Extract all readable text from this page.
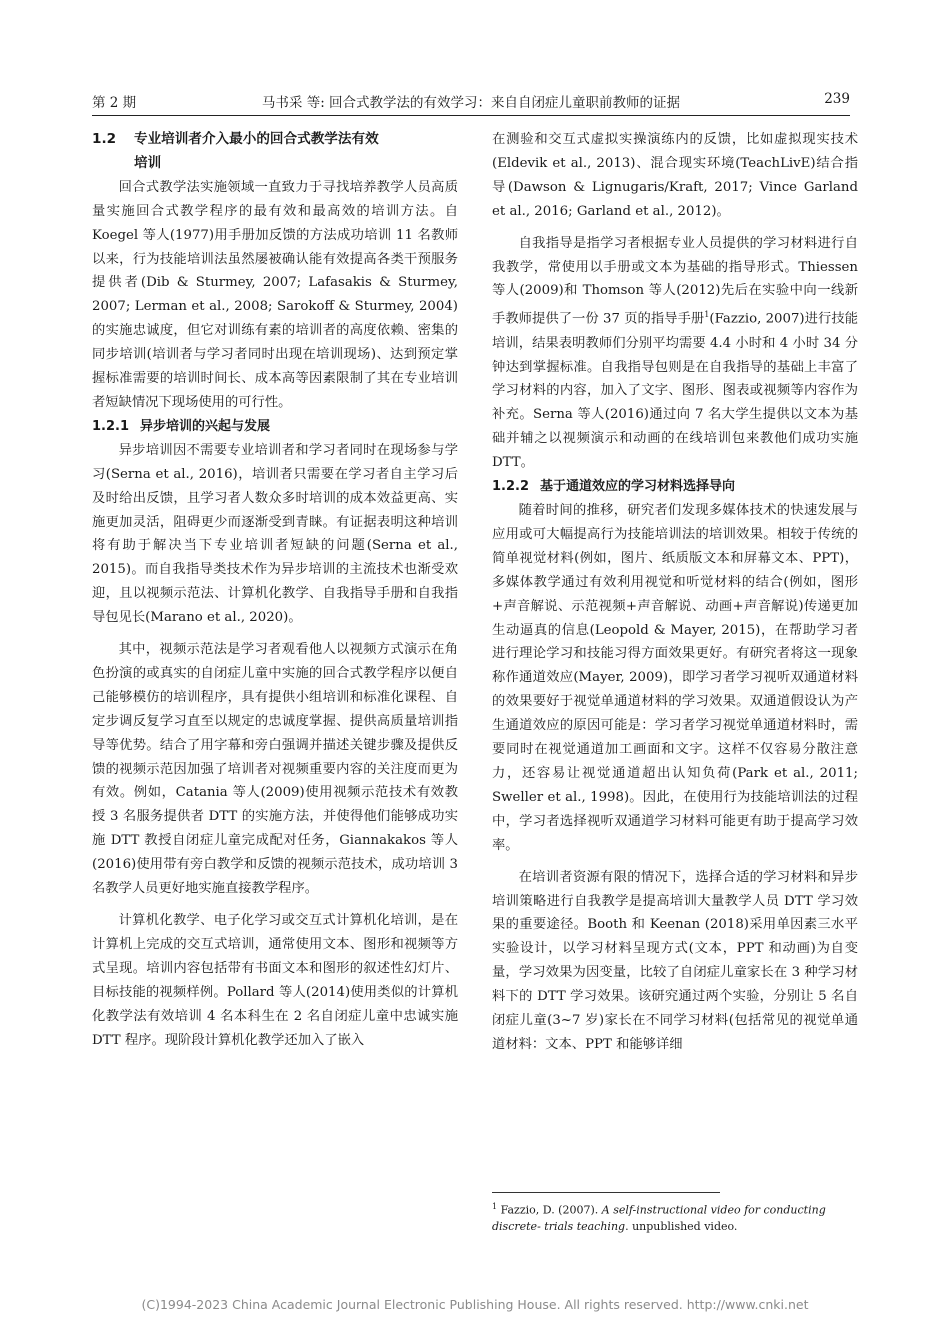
第 2 期	马书采 等: 回合式教学法的有效学习：来自自闭症儿童职前教师的证据	239
1.2 专业培训者介入最小的回合式教学法有效
培训

回合式教学法实施领域一直致力于寻找培养教学人员高质量实施回合式教学程序的最有效和最高效的培训方法。自 Koegel 等人(1977)用手册加反馈的方法成功培训 11 名教师以来，行为技能培训法虽然屡被确认能有效提高各类干预服务提供者(Dib & Sturmey, 2007; Lafasakis & Sturmey, 2007; Lerman et al., 2008; Sarokoff & Sturmey, 2004)的实施忠诚度，但它对训练有素的培训者的高度依赖、密集的同步培训(培训者与学习者同时出现在培训现场)、达到预定掌握标准需要的培训时间长、成本高等因素限制了其在专业培训者短缺情况下现场使用的可行性。

1.2.1 异步培训的兴起与发展

异步培训因不需要专业培训者和学习者同时在现场参与学习(Serna et al., 2016)，培训者只需要在学习者自主学习后及时给出反馈，且学习者人数众多时培训的成本效益更高、实施更加灵活，阻碍更少而逐渐受到青睐。有证据表明这种培训将有助于解决当下专业培训者短缺的问题(Serna et al., 2015)。而自我指导类技术作为异步培训的主流技术也渐受欢迎，且以视频示范法、计算机化教学、自我指导手册和自我指导包见长(Marano et al., 2020)。

其中，视频示范法是学习者观看他人以视频方式演示在角色扮演的或真实的自闭症儿童中实施的回合式教学程序以便自己能够模仿的培训程序，具有提供小组培训和标准化课程、自定步调反复学习直至以规定的忠诚度掌握、提供高质量培训指导等优势。结合了用字幕和旁白强调并描述关键步骤及提供反馈的视频示范因加强了培训者对视频重要内容的关注度而更为有效。例如，Catania 等人(2009)使用视频示范技术有效教授 3 名服务提供者 DTT 的实施方法，并使得他们能够成功实施 DTT 教授自闭症儿童完成配对任务，Giannakakos 等人(2016)使用带有旁白教学和反馈的视频示范技术，成功培训 3 名教学人员更好地实施直接教学程序。

计算机化教学、电子化学习或交互式计算机化培训，是在计算机上完成的交互式培训，通常使用文本、图形和视频等方式呈现。培训内容包括带有书面文本和图形的叙述性幻灯片、目标技能的视频样例。Pollard 等人(2014)使用类似的计算机化教学法有效培训 4 名本科生在 2 名自闭症儿童中忠诚实施 DTT 程序。现阶段计算机化教学还加入了嵌入

在测验和交互式虚拟实操演练内的反馈，比如虚拟现实技术(Eldevik et al., 2013)、混合现实环境(TeachLivE)结合指导(Dawson & Lignugaris/Kraft, 2017; Vince Garland et al., 2016; Garland et al., 2012)。

自我指导是指学习者根据专业人员提供的学习材料进行自我教学，常使用以手册或文本为基础的指导形式。Thiessen 等人(2009)和 Thomson 等人(2012)先后在实验中向一线新手教师提供了一份 37 页的指导手册$^1$(Fazzio, 2007)进行技能培训，结果表明教师们分别平均需要 4.4 小时和 4 小时 34 分钟达到掌握标准。自我指导包则是在自我指导的基础上丰富了学习材料的内容，加入了文字、图形、图表或视频等内容作为补充。Serna 等人(2016)通过向 7 名大学生提供以文本为基础并辅之以视频演示和动画的在线培训包来教他们成功实施 DTT。

1.2.2 基于通道效应的学习材料选择导向

随着时间的推移，研究者们发现多媒体技术的快速发展与应用或可大幅提高行为技能培训法的培训效果。相较于传统的简单视觉材料(例如，图片、纸质版文本和屏幕文本、PPT)，多媒体教学通过有效利用视觉和听觉材料的结合(例如，图形+声音解说、示范视频+声音解说、动画+声音解说)传递更加生动逼真的信息(Leopold & Mayer, 2015)，在帮助学习者进行理论学习和技能习得方面效果更好。有研究者将这一现象称作通道效应(Mayer, 2009)，即学习者学习视听双通道材料的效果要好于视觉单通道材料的学习效果。双通道假设认为产生通道效应的原因可能是：学习者学习视觉单通道材料时，需要同时在视觉通道加工画面和文字。这样不仅容易分散注意力，还容易让视觉通道超出认知负荷(Park et al., 2011; Sweller et al., 1998)。因此，在使用行为技能培训法的过程中，学习者选择视听双通道学习材料可能更有助于提高学习效率。

在培训者资源有限的情况下，选择合适的学习材料和异步培训策略进行自我教学是提高培训大量教学人员 DTT 学习效果的重要途径。Booth 和 Keenan (2018)采用单因素三水平实验设计，以学习材料呈现方式(文本，PPT 和动画)为自变量，学习效果为因变量，比较了自闭症儿童家长在 3 种学习材料下的 DTT 学习效果。该研究通过两个实验，分别让 5 名自闭症儿童(3~7 岁)家长在不同学习材料(包括常见的视觉单通道材料：文本、PPT 和能够详细

$^1$ Fazzio, D. (2007). A self-instructional video for conducting discrete- trials teaching. unpublished video.
(C)1994-2023 China Academic Journal Electronic Publishing House. All rights reserved. http://www.cnki.net
